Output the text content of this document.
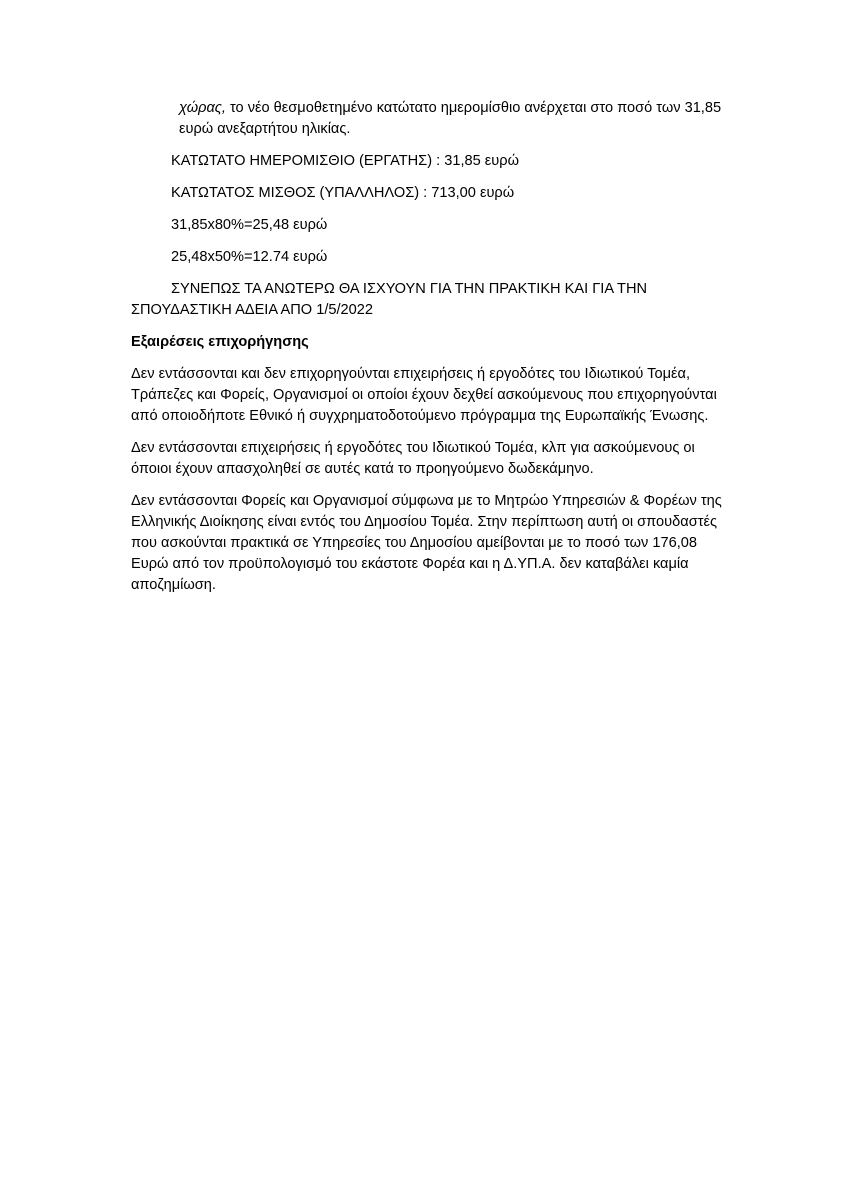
χώρας, το νέο θεσμοθετημένο κατώτατο ημερομίσθιο ανέρχεται στο ποσό των 31,85 ευρώ ανεξαρτήτου ηλικίας.

ΚΑΤΩΤΑΤΟ ΗΜΕΡΟΜΙΣΘΙΟ (ΕΡΓΑΤΗΣ) : 31,85 ευρώ

ΚΑΤΩΤΑΤΟΣ ΜΙΣΘΟΣ (ΥΠΑΛΛΗΛΟΣ) : 713,00 ευρώ

31,85x80%=25,48 ευρώ

25,48x50%=12.74 ευρώ

ΣΥΝΕΠΩΣ ΤΑ ΑΝΩΤΕΡΩ ΘΑ ΙΣΧΥΟΥΝ ΓΙΑ ΤΗΝ ΠΡΑΚΤΙΚΗ ΚΑΙ ΓΙΑ ΤΗΝ ΣΠΟΥΔΑΣΤΙΚΗ ΑΔΕΙΑ ΑΠΟ 1/5/2022

Εξαιρέσεις επιχορήγησης

Δεν εντάσσονται και δεν επιχορηγούνται επιχειρήσεις ή εργοδότες του Ιδιωτικού Τομέα, Τράπεζες και Φορείς, Οργανισμοί οι οποίοι έχουν δεχθεί ασκούμενους που επιχορηγούνται από οποιοδήποτε Εθνικό ή συγχρηματοδοτούμενο πρόγραμμα της Ευρωπαϊκής Ένωσης.

Δεν εντάσσονται επιχειρήσεις ή εργοδότες του Ιδιωτικού Τομέα, κλπ για ασκούμενους οι όποιοι έχουν απασχοληθεί σε αυτές κατά το προηγούμενο δωδεκάμηνο.

Δεν εντάσσονται Φορείς και Οργανισμοί σύμφωνα με το Μητρώο Υπηρεσιών & Φορέων της Ελληνικής Διοίκησης είναι εντός του Δημοσίου Τομέα. Στην περίπτωση αυτή οι σπουδαστές που ασκούνται πρακτικά σε Υπηρεσίες του Δημοσίου αμείβονται με το ποσό των 176,08 Ευρώ από τον προϋπολογισμό του εκάστοτε Φορέα και η Δ.ΥΠ.Α. δεν καταβάλει καμία αποζημίωση.
